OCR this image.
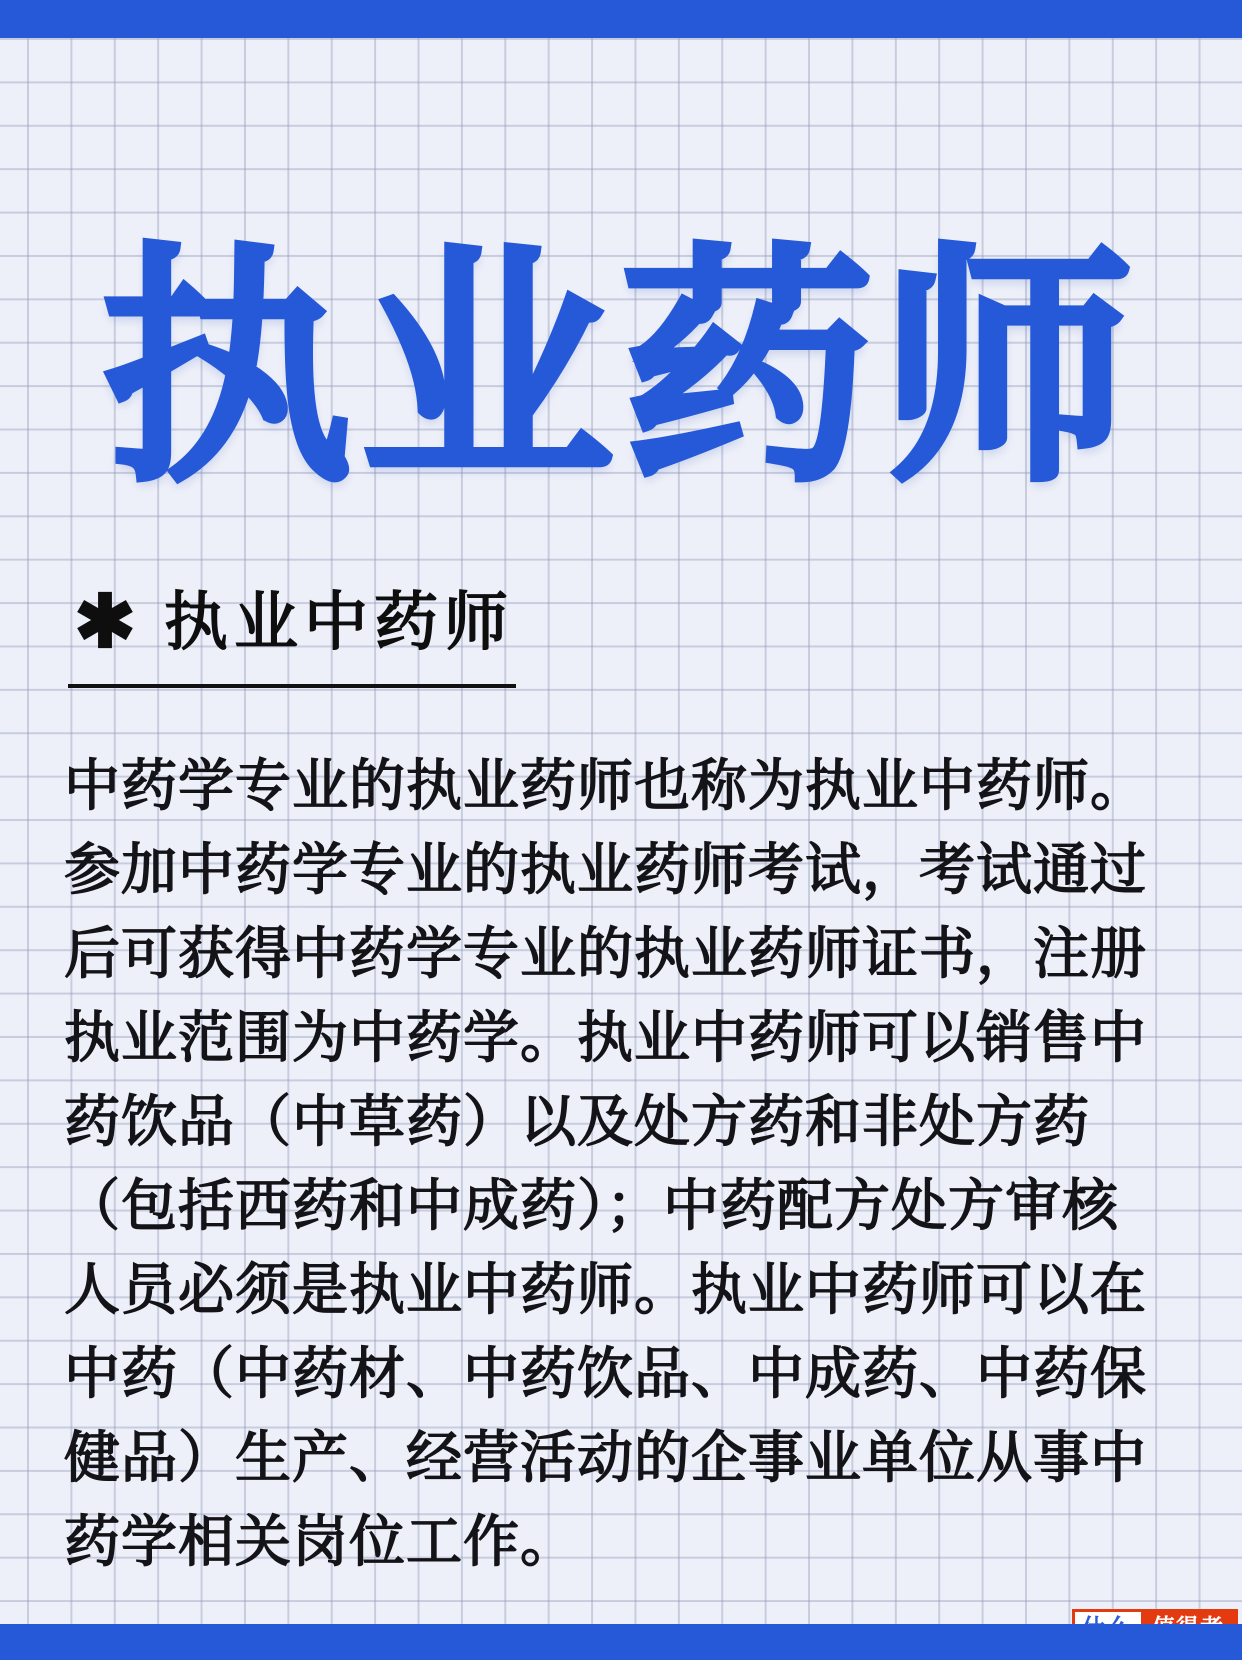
执业药师
✱ 执业中药师
中药学专业的执业药师也称为执业中药师。
参加中药学专业的执业药师考试，考试通过
后可获得中药学专业的执业药师证书，注册
执业范围为中药学。执业中药师可以销售中
药饮品（中草药）以及处方药和非处方药
（包括西药和中成药）；中药配方处方审核
人员必须是执业中药师。执业中药师可以在
中药（中药材、中药饮品、中成药、中药保
健品）生产、经营活动的企事业单位从事中
药学相关岗位工作。
